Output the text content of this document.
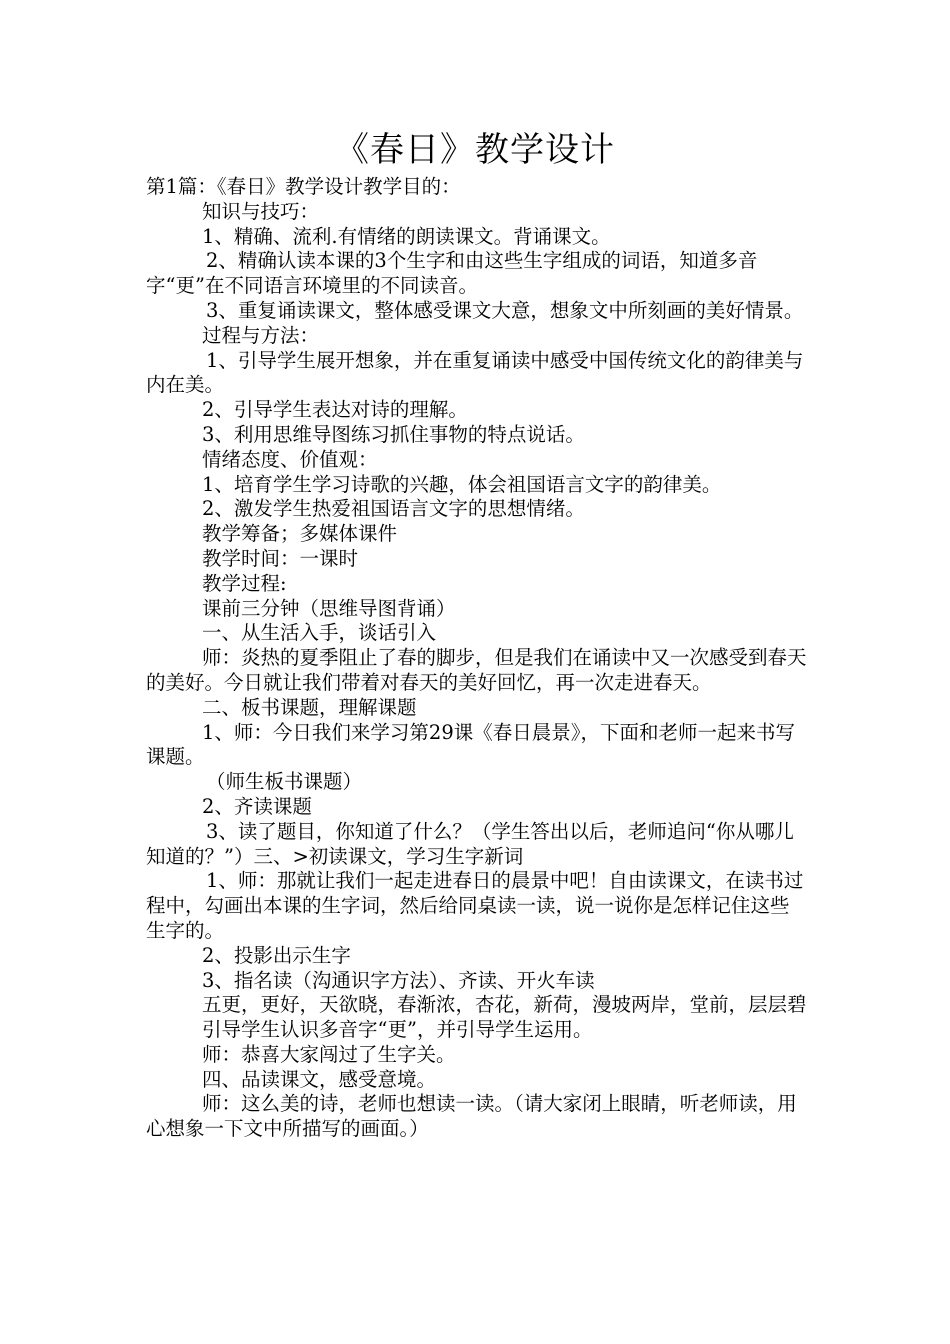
《春日》教学设计

第1篇：《春日》教学设计教学目的：

知识与技巧：

1、精确、流利.有情绪的朗读课文。背诵课文。

2、精确认读本课的3个生字和由这些生字组成的词语，知道多音字“更”在不同语言环境里的不同读音。

3、重复诵读课文，整体感受课文大意，想象文中所刻画的美好情景。

过程与方法：

1、引导学生展开想象，并在重复诵读中感受中国传统文化的韵律美与内在美。

2、引导学生表达对诗的理解。

3、利用思维导图练习抓住事物的特点说话。

情绪态度、价值观：

1、培育学生学习诗歌的兴趣，体会祖国语言文字的韵律美。

2、激发学生热爱祖国语言文字的思想情绪。

教学筹备；多媒体课件

教学时间：一课时

教学过程:

课前三分钟（思维导图背诵）

一、从生活入手，谈话引入

师：炎热的夏季阻止了春的脚步，但是我们在诵读中又一次感受到春天的美好。今日就让我们带着对春天的美好回忆，再一次走进春天。

二、板书课题，理解课题

1、师：今日我们来学习第29课《春日晨景》，下面和老师一起来书写课题。

（师生板书课题）

2、齐读课题

3、读了题目，你知道了什么？（学生答出以后，老师追问“你从哪儿知道的？”）三、>初读课文，学习生字新词

1、师：那就让我们一起走进春日的晨景中吧！自由读课文，在读书过程中，勾画出本课的生字词，然后给同桌读一读，说一说你是怎样记住这些生字的。

2、投影出示生字

3、指名读（沟通识字方法）、齐读、开火车读

五更，更好，天欲晓，春渐浓，杏花，新荷，漫坡两岸，堂前，层层碧

引导学生认识多音字“更”，并引导学生运用。

师：恭喜大家闯过了生字关。

四、品读课文，感受意境。

师：这么美的诗，老师也想读一读。（请大家闭上眼睛，听老师读，用心想象一下文中所描写的画面。）
